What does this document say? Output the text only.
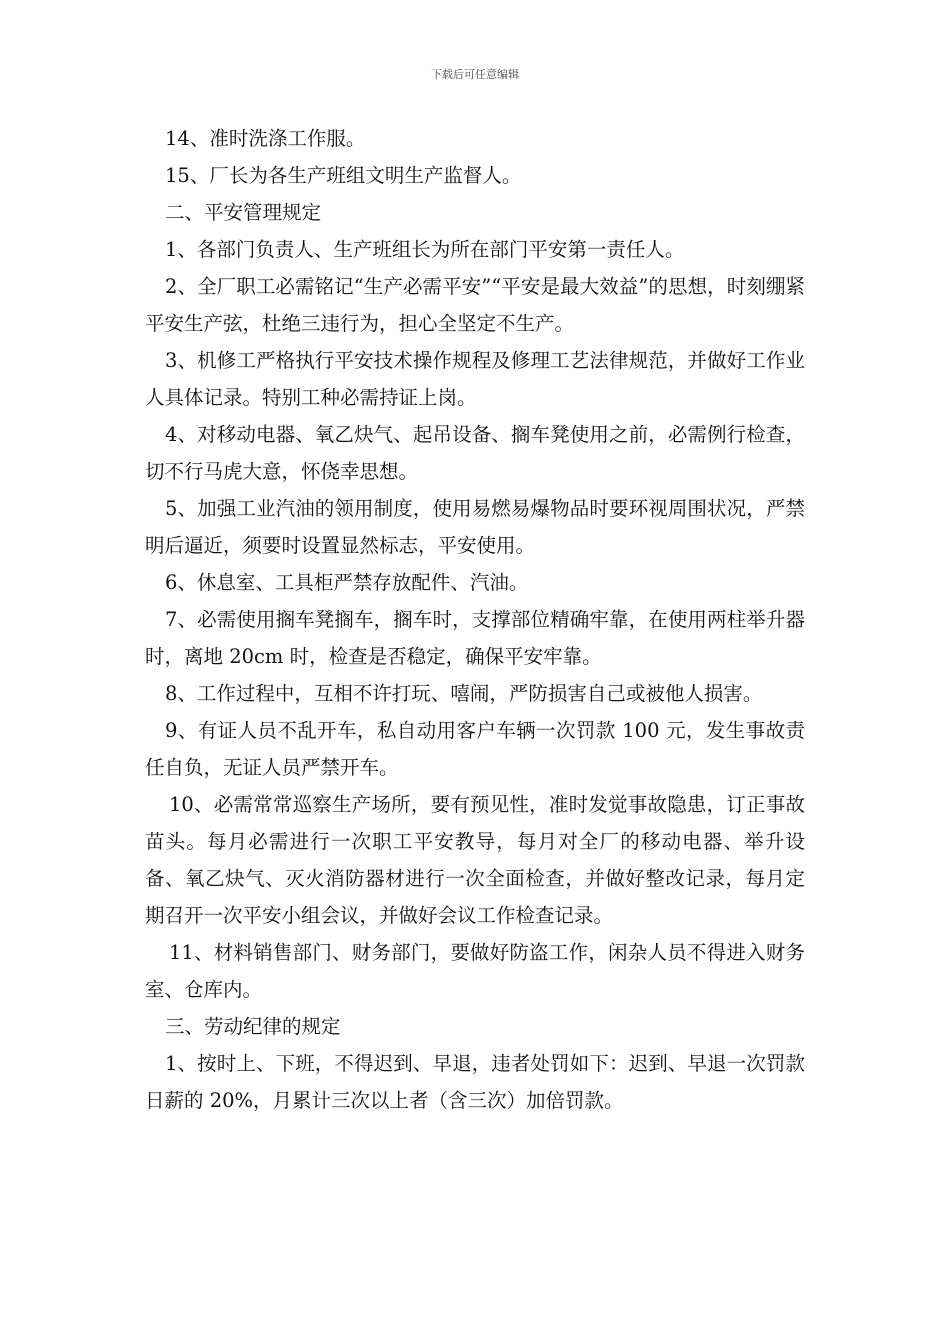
下载后可任意编辑

14、准时洗涤工作服。

15、厂长为各生产班组文明生产监督人。

二、平安管理规定

1、各部门负责人、生产班组长为所在部门平安第一责任人。

2、全厂职工必需铭记“生产必需平安”“平安是最大效益”的思想，时刻绷紧平安生产弦，杜绝三违行为，担心全坚定不生产。

3、机修工严格执行平安技术操作规程及修理工艺法律规范，并做好工作业人具体记录。特别工种必需持证上岗。

4、对移动电器、氧乙炔气、起吊设备、搁车凳使用之前，必需例行检查，切不行马虎大意，怀侥幸思想。

5、加强工业汽油的领用制度，使用易燃易爆物品时要环视周围状况，严禁明后逼近，须要时设置显然标志，平安使用。

6、休息室、工具柜严禁存放配件、汽油。

7、必需使用搁车凳搁车，搁车时，支撑部位精确牢靠，在使用两柱举升器时，离地 20cm 时，检查是否稳定，确保平安牢靠。

8、工作过程中，互相不许打玩、嘻闹，严防损害自己或被他人损害。

9、有证人员不乱开车，私自动用客户车辆一次罚款 100 元，发生事故责任自负，无证人员严禁开车。

10、必需常常巡察生产场所，要有预见性，准时发觉事故隐患，订正事故苗头。每月必需进行一次职工平安教导，每月对全厂的移动电器、举升设备、氧乙炔气、灭火消防器材进行一次全面检查，并做好整改记录，每月定期召开一次平安小组会议，并做好会议工作检查记录。

11、材料销售部门、财务部门，要做好防盗工作，闲杂人员不得进入财务室、仓库内。

三、劳动纪律的规定

1、按时上、下班，不得迟到、早退，违者处罚如下：迟到、早退一次罚款日薪的 20%，月累计三次以上者（含三次）加倍罚款。
